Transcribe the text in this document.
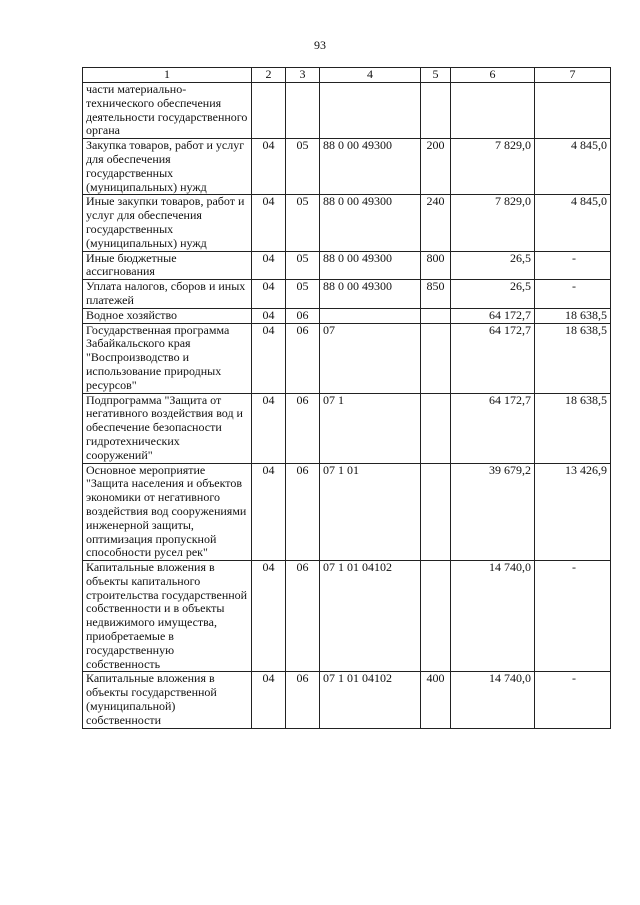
93
1	2	3	4	5	6	7
части материально-технического обеспечения деятельности государственного органа						
Закупка товаров, работ и услуг для обеспечения государственных (муниципальных) нужд	04	05	88 0 00 49300	200	7 829,0	4 845,0
Иные закупки товаров, работ и услуг для обеспечения государственных (муниципальных) нужд	04	05	88 0 00 49300	240	7 829,0	4 845,0
Иные бюджетные ассигнования	04	05	88 0 00 49300	800	26,5	-
Уплата налогов, сборов и иных платежей	04	05	88 0 00 49300	850	26,5	-
Водное хозяйство	04	06			64 172,7	18 638,5
Государственная программа Забайкальского края "Воспроизводство и использование природных ресурсов"	04	06	07		64 172,7	18 638,5
Подпрограмма "Защита от негативного воздействия вод и обеспечение безопасности гидротехнических сооружений"	04	06	07 1		64 172,7	18 638,5
Основное мероприятие "Защита населения и объектов экономики от негативного воздействия вод сооружениями инженерной защиты, оптимизация пропускной способности русел рек"	04	06	07 1 01		39 679,2	13 426,9
Капитальные вложения в объекты капитального строительства государственной собственности и в объекты недвижимого имущества, приобретаемые в государственную собственность	04	06	07 1 01 04102		14 740,0	-
Капитальные вложения в объекты государственной (муниципальной) собственности	04	06	07 1 01 04102	400	14 740,0	-
